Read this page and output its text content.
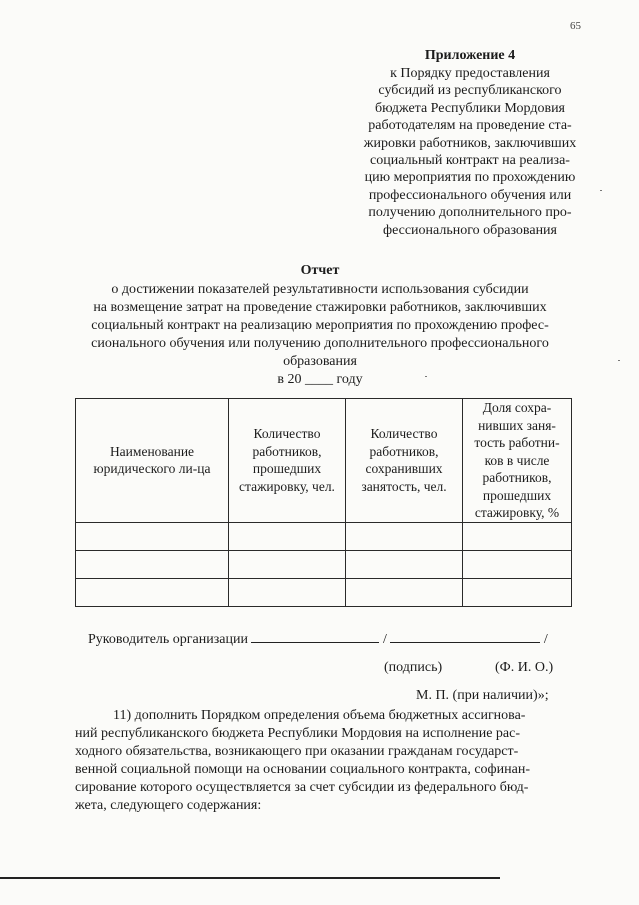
65
Приложение 4
к Порядку предоставления
субсидий из республиканского
бюджета Республики Мордовия
работодателям на проведение ста-
жировки работников, заключивших
социальный контракт на реализа-
цию мероприятия по прохождению
профессионального обучения или
получению дополнительного про-
фессионального образования
Отчет
о достижении показателей результативности использования субсидии
на возмещение затрат на проведение стажировки работников, заключивших
социальный контракт на реализацию мероприятия по прохождению профес-
сионального обучения или получению дополнительного профессионального
образования
в 20 ____ году
Наименование юридического ли-ца	Количество работников, прошедших стажировку, чел.	Количество работников, сохранивших занятость, чел.	Доля сохра-нивших заня-тость работни-ков в числе работников, прошедших стажировку, %

Руководитель организации	/	/
(подпись)	(Ф. И. О.)
М. П. (при наличии)»;
11) дополнить Порядком определения объема бюджетных ассигнова-
ний республиканского бюджета Республики Мордовия на исполнение рас-
ходного обязательства, возникающего при оказании гражданам государст-
венной социальной помощи на основании социального контракта, софинан-
сирование которого осуществляется за счет субсидии из федерального бюд-
жета, следующего содержания:
